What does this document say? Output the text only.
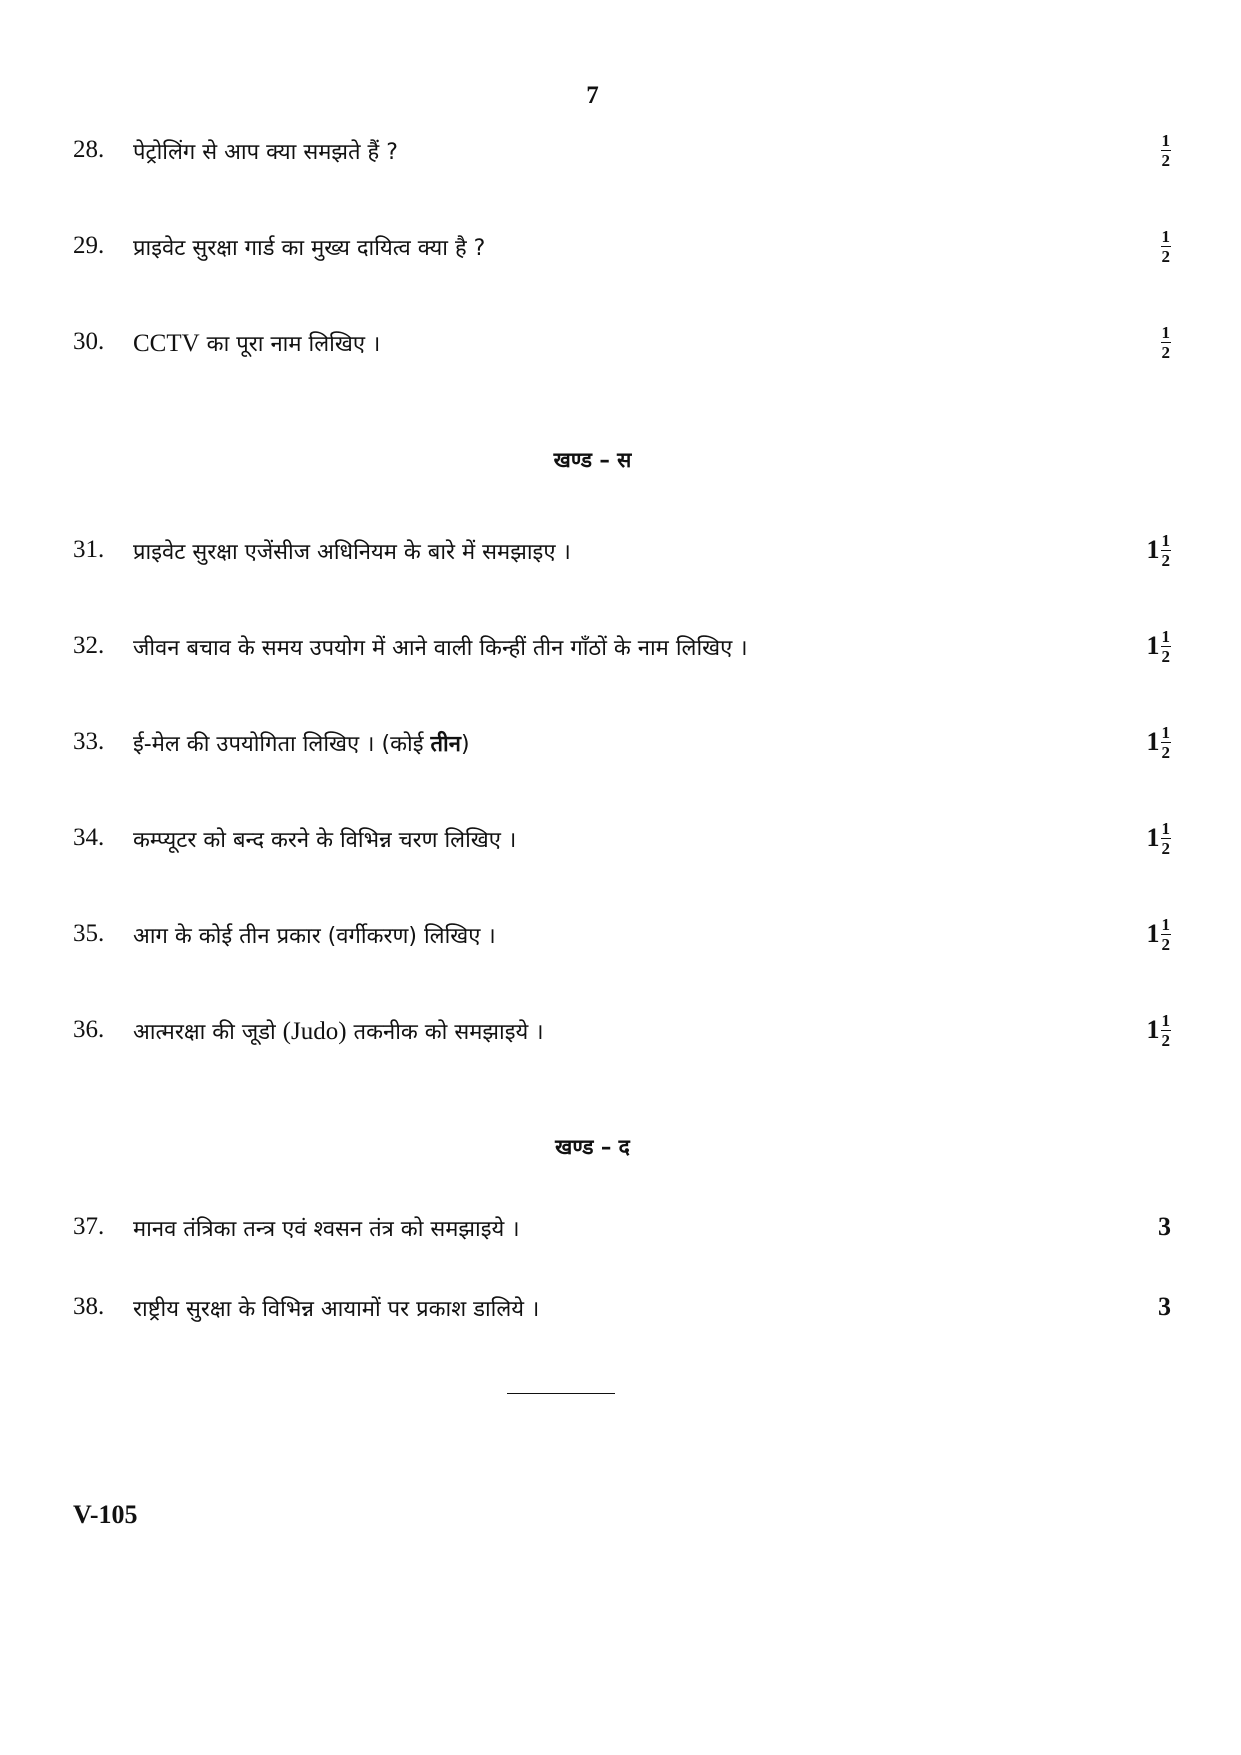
7
28. पेट्रोलिंग से आप क्या समझते हैं ?	$\frac{1}{2}$
29. प्राइवेट सुरक्षा गार्ड का मुख्य दायित्व क्या है ?	$\frac{1}{2}$
30. CCTV का पूरा नाम लिखिए ।	$\frac{1}{2}$
खण्ड – स
31. प्राइवेट सुरक्षा एजेंसीज अधिनियम के बारे में समझाइए ।	$1 \frac{1}{2}$
32. जीवन बचाव के समय उपयोग में आने वाली किन्हीं तीन गाँठों के नाम लिखिए ।	$1 \frac{1}{2}$
33. ई-मेल की उपयोगिता लिखिए । (कोई तीन)	$1 \frac{1}{2}$
34. कम्प्यूटर को बन्द करने के विभिन्न चरण लिखिए ।	$1 \frac{1}{2}$
35. आग के कोई तीन प्रकार (वर्गीकरण) लिखिए ।	$1 \frac{1}{2}$
36. आत्मरक्षा की जूडो (Judo) तकनीक को समझाइये ।	$1 \frac{1}{2}$
खण्ड – द
37. मानव तंत्रिका तन्त्र एवं श्वसन तंत्र को समझाइये ।	3
38. राष्ट्रीय सुरक्षा के विभिन्न आयामों पर प्रकाश डालिये ।	3
V-105
